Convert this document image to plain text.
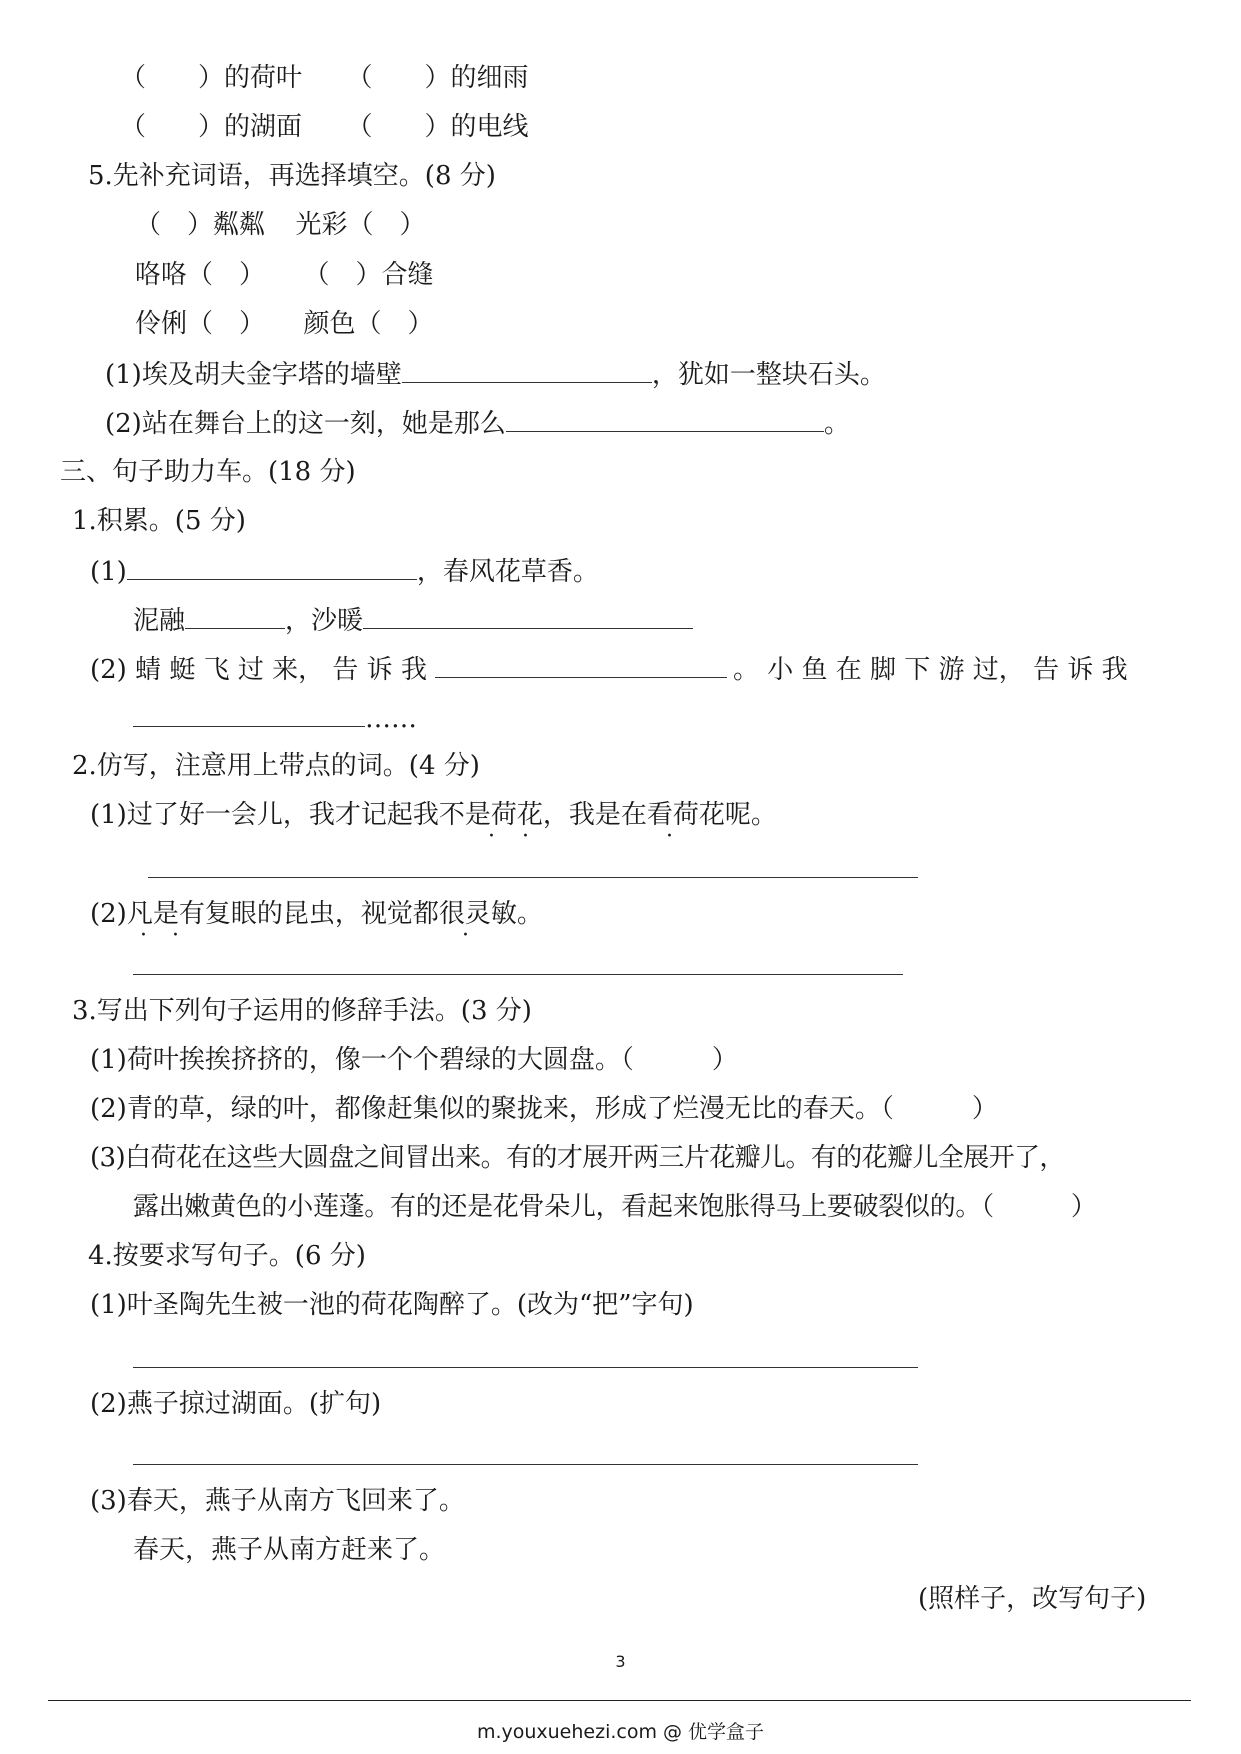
（　　）的荷叶 （　　）的细雨
（　　）的湖面 （　　）的电线
5.先补充词语，再选择填空。(8 分)
（　）粼粼 光彩（　）
咯咯（　） （　）合缝
伶俐（　） 颜色（　）
(1)埃及胡夫金字塔的墙壁	，犹如一整块石头。
(2)站在舞台上的这一刻，她是那么	。
三、句子助力车。(18 分)
1.积累。(5 分)
(1)	，春风花草香。
泥融	，沙暖
(2) 蜻 蜓 飞 过 来， 告 诉 我	。 小 鱼 在 脚 下 游 过， 告 诉 我
……
2.仿写，注意用上带点的词。(4 分)
(1)过了好一会儿，我才记起我不是荷花，我是在看荷花呢。
· ·	·
(2)凡是有复眼的昆虫，视觉都很灵敏。
· ·	·
3.写出下列句子运用的修辞手法。(3 分)
(1)荷叶挨挨挤挤的，像一个个碧绿的大圆盘。（　　　）
(2)青的草，绿的叶，都像赶集似的聚拢来，形成了烂漫无比的春天。（　　　）
(3)白荷花在这些大圆盘之间冒出来。有的才展开两三片花瓣儿。有的花瓣儿全展开了，
露出嫩黄色的小莲蓬。有的还是花骨朵儿，看起来饱胀得马上要破裂似的。（　　　）
4.按要求写句子。(6 分)
(1)叶圣陶先生被一池的荷花陶醉了。(改为“把”字句)
(2)燕子掠过湖面。(扩句)
(3)春天，燕子从南方飞回来了。
春天，燕子从南方赶来了。
(照样子，改写句子)
3
m.youxuehezi.com @ 优学盒子
